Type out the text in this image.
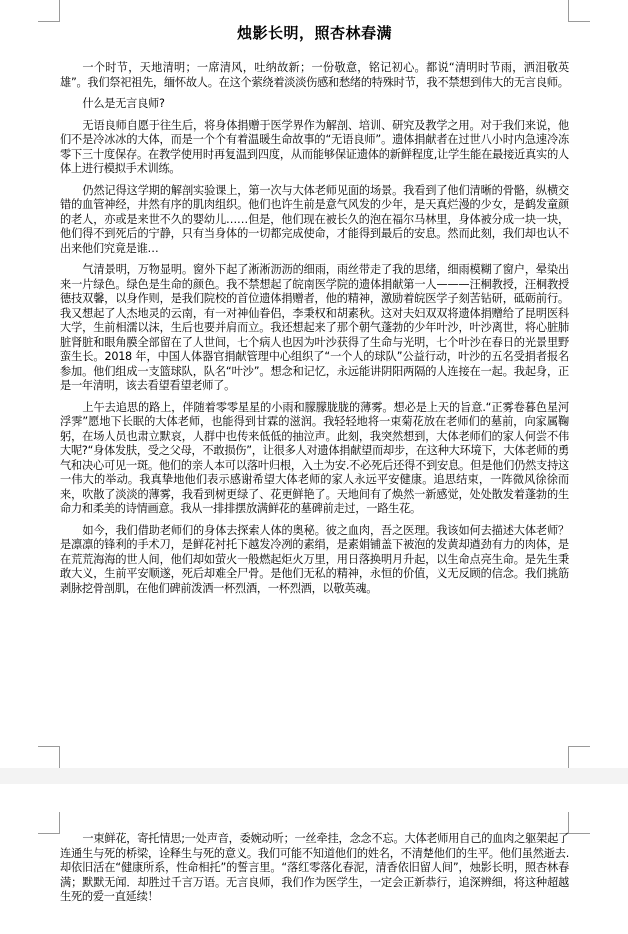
烛影长明，照杏林春满

一个时节，天地清明；一席清风，吐纳故新；一份敬意，铭记初心。都说“清明时节雨，洒泪敬英雄”。我们祭祀祖先，缅怀故人。在这个萦绕着淡淡伤感和愁绪的特殊时节，我不禁想到伟大的无言良师。

什么是无言良师?

无语良师自愿于往生后，将身体捐赠于医学界作为解剖、培训、研究及教学之用。对于我们来说，他们不是冷冰冰的大体，而是一个个有着温暖生命故事的“无语良师”。遗体捐献者在过世八小时内急速冷冻零下三十度保存。在教学使用时再复温到四度，从而能够保证遗体的新鲜程度,让学生能在最接近真实的人体上进行模拟手术训练。

仍然记得这学期的解剖实验课上，第一次与大体老师见面的场景。我看到了他们清晰的骨骼，纵横交错的血管神经，井然有序的肌肉组织。他们也许生前是意气风发的少年，是天真烂漫的少女，是鹤发童颜的老人，亦或是来世不久的婴幼儿……但是，他们现在被长久的泡在福尔马林里，身体被分成一块一块，他们得不到死后的宁静，只有当身体的一切都完成使命，才能得到最后的安息。然而此刻，我们却也认不出来他们究竟是谁…

气清景明，万物显明。窗外下起了淅淅沥沥的细雨，雨丝带走了我的思绪，细雨模糊了窗户，晕染出来一片绿色。绿色是生命的颜色。我不禁想起了皖南医学院的遗体捐献第一人———汪桐教授，汪桐教授德技双馨，以身作则，是我们院校的首位遗体捐赠者，他的精神，激励着皖医学子刻苦钻研，砥砺前行。我又想起了人杰地灵的云南，有一对神仙眷侣，李秉权和胡素秋。这对夫妇双双将遗体捐赠给了昆明医科大学，生前相濡以沫，生后也要并肩而立。我还想起来了那个朝气蓬勃的少年叶沙，叶沙离世，将心脏肺脏肾脏和眼角膜全部留在了人世间，七个病人也因为叶沙获得了生命与光明，七个叶沙在春日的光景里野蛮生长。2018 年，中国人体器官捐献管理中心组织了“一个人的球队”公益行动，叶沙的五名受捐者报名参加。他们组成一支篮球队，队名“叶沙”。想念和记忆，永远能讲阴阳两隔的人连接在一起。我起身，正是一年清明，该去看望看望老师了。

上午去追思的路上，伴随着零零星星的小雨和朦朦胧胧的薄雾。想必是上天的旨意.“正雾卷暮色星河浮霁”愿地下长眠的大体老师，也能得到甘霖的滋润。我轻轻地将一束菊花放在老师们的墓前，向家属鞠躬，在场人员也肃立默哀，人群中也传来低低的抽泣声。此刻，我突然想到，大体老师们的家人何尝不伟大呢?“身体发肤，受之父母，不敢损伤”，让很多人对遗体捐献望而却步，在这种大环境下，大体老师的勇气和决心可见一斑。他们的亲人本可以落叶归根，入土为安.不必死后还得不到安息。但是他们仍然支持这一伟大的举动。我真挚地他们表示感谢希望大体老师的家人永远平安健康。追思结束，一阵微风徐徐而来，吹散了淡淡的薄雾，我看到树更绿了、花更鲜艳了。天地间有了焕然一新感觉，处处散发着蓬勃的生命力和柔美的诗情画意。我从一排排摆放满鲜花的墓碑前走过，一路生花。

如今，我们借助老师们的身体去探索人体的奥秘。彼之血肉，吾之医理。我该如何去描述大体老师？是凛凛的锋利的手术刀，是鲜花衬托下越发冷冽的素绢，是素娟铺盖下被泡的发黄却遒劲有力的肉体，是在荒荒海海的世人间，他们却如萤火一般燃起炬火万里，用日落换明月升起，以生命点亮生命。是先生秉敢大义，生前平安顺遂，死后却难全尸骨。是他们无私的精神，永恒的价值，义无反顾的信念。我们挑筋剥脉挖骨剖肌，在他们碑前泼洒一杯烈酒，一杯烈酒，以敬英魂。

一束鲜花，寄托情思;一处声音，委婉动听；一丝牵挂，念念不忘。大体老师用自己的血肉之躯架起了连通生与死的桥梁，诠释生与死的意义。我们可能不知道他们的姓名，不清楚他们的生平。他们虽然逝去.却依旧活在“健康所系，性命相托”的誓言里。“落红零落化春泥，清香依旧留人间”，烛影长明，照杏林春满；默默无闻．却胜过千言万语。无言良师，我们作为医学生，一定会正新恭行，追深辨细，将这种超越生死的爱一直延续！
